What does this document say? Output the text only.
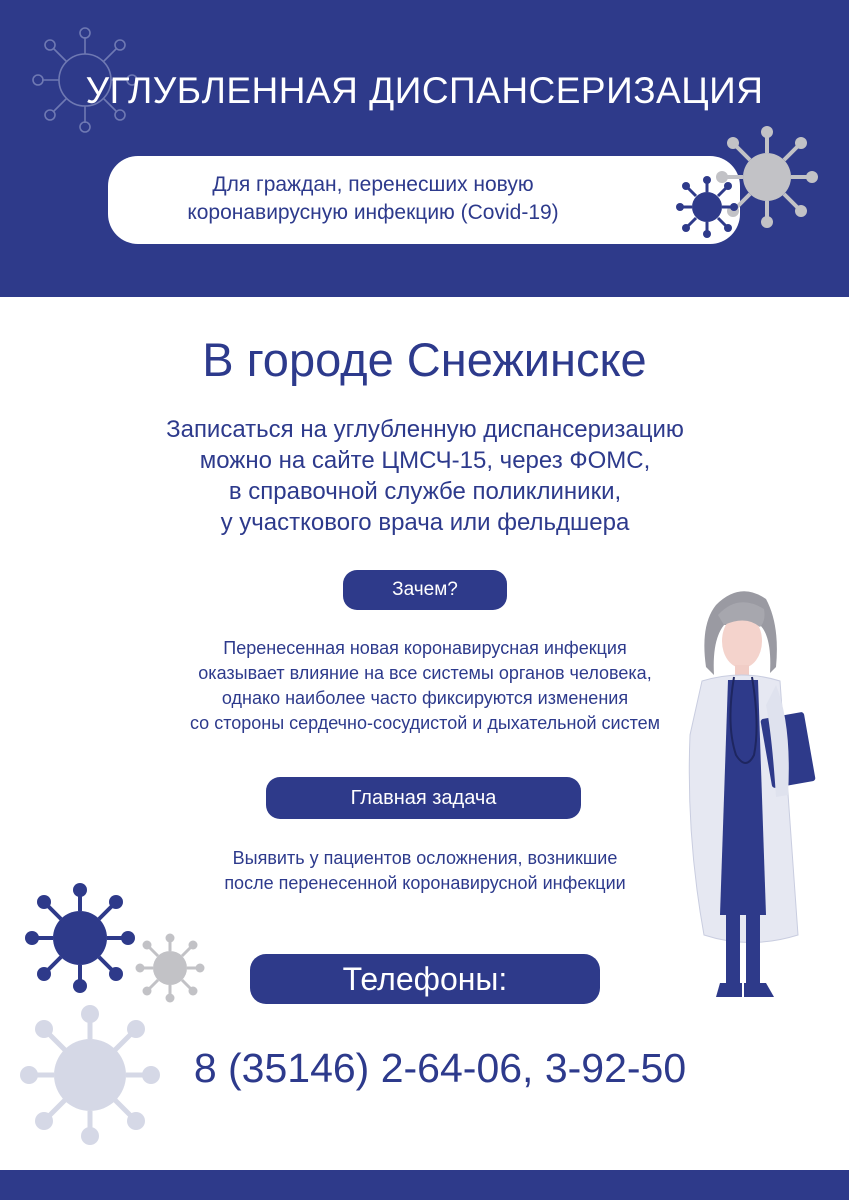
УГЛУБЛЕННАЯ ДИСПАНСЕРИЗАЦИЯ
Для граждан, перенесших новую
коронавирусную инфекцию (Covid-19)
В городе Снежинске
Записаться на углубленную диспансеризацию
можно на сайте ЦМСЧ-15, через ФОМС,
в справочной службе поликлиники,
у участкового врача или фельдшера
Зачем?
Перенесенная новая коронавирусная инфекция
оказывает влияние на все системы органов человека,
однако наиболее часто фиксируются изменения
со стороны сердечно-сосудистой и дыхательной систем
Главная задача
Выявить у пациентов осложнения, возникшие
после перенесенной коронавирусной инфекции
Телефоны:
8 (35146) 2-64-06, 3-92-50
